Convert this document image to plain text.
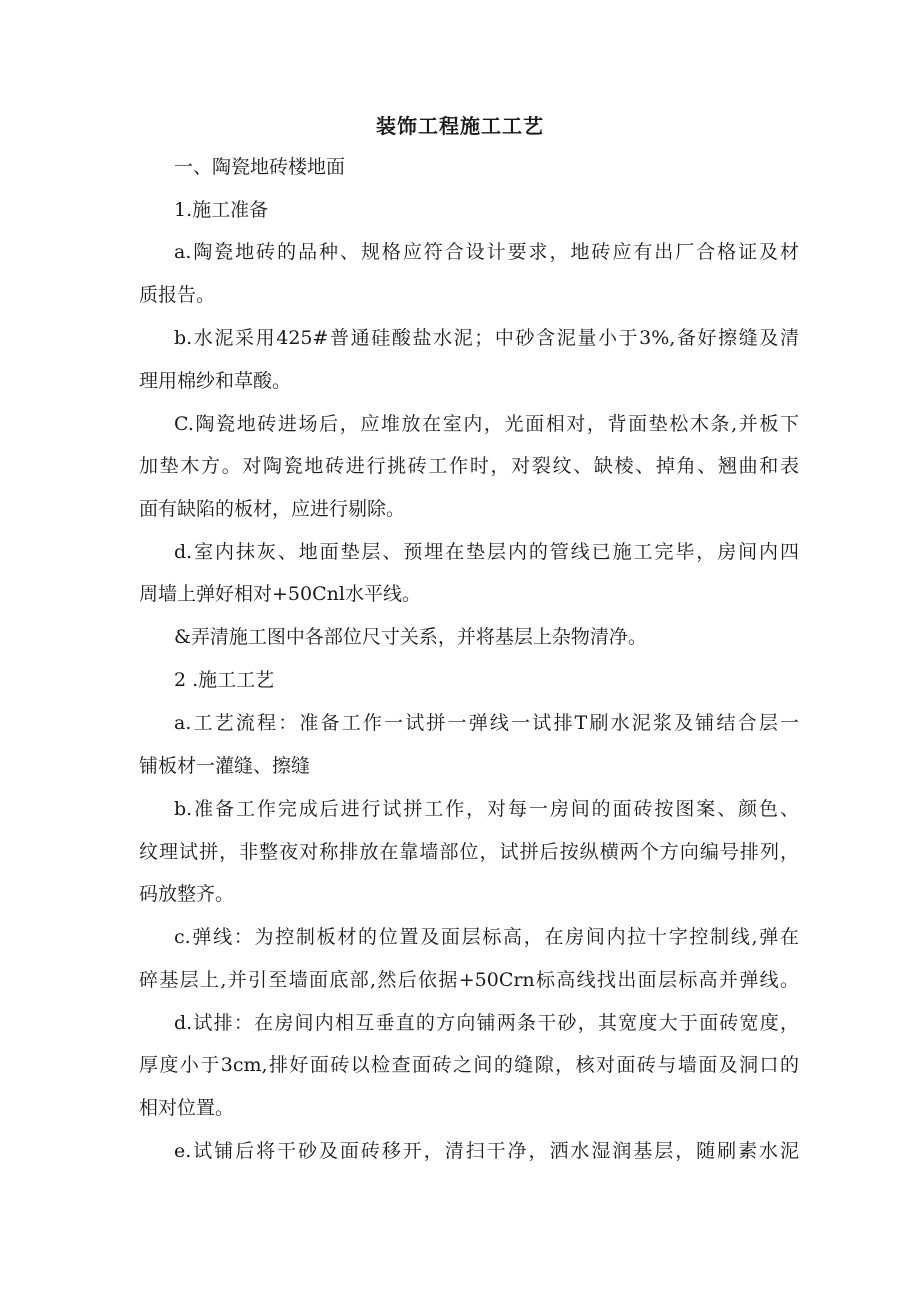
装饰工程施工工艺

一、陶瓷地砖楼地面

1.施工准备

a.陶瓷地砖的品种、规格应符合设计要求，地砖应有出厂合格证及材

质报告。

b.水泥采用425#普通硅酸盐水泥；中砂含泥量小于3%,备好擦缝及清

理用棉纱和草酸。

C.陶瓷地砖进场后，应堆放在室内，光面相对，背面垫松木条,并板下

加垫木方。对陶瓷地砖进行挑砖工作时，对裂纹、缺棱、掉角、翘曲和表

面有缺陷的板材，应进行剔除。

d.室内抹灰、地面垫层、预埋在垫层内的管线已施工完毕，房间内四

周墙上弹好相对+50Cnl水平线。

&弄清施工图中各部位尺寸关系，并将基层上杂物清净。

2 .施工工艺

a.工艺流程：准备工作一试拼一弹线一试排T刷水泥浆及铺结合层一

铺板材一灌缝、擦缝

b.准备工作完成后进行试拼工作，对每一房间的面砖按图案、颜色、

纹理试拼，非整夜对称排放在靠墙部位，试拼后按纵横两个方向编号排列，

码放整齐。

c.弹线：为控制板材的位置及面层标高，在房间内拉十字控制线,弹在

碎基层上,并引至墙面底部,然后依据+50Crn标高线找出面层标高并弹线。

d.试排：在房间内相互垂直的方向铺两条干砂，其宽度大于面砖宽度，

厚度小于3cm,排好面砖以检查面砖之间的缝隙，核对面砖与墙面及洞口的

相对位置。

e.试铺后将干砂及面砖移开，清扫干净，洒水湿润基层，随刷素水泥
